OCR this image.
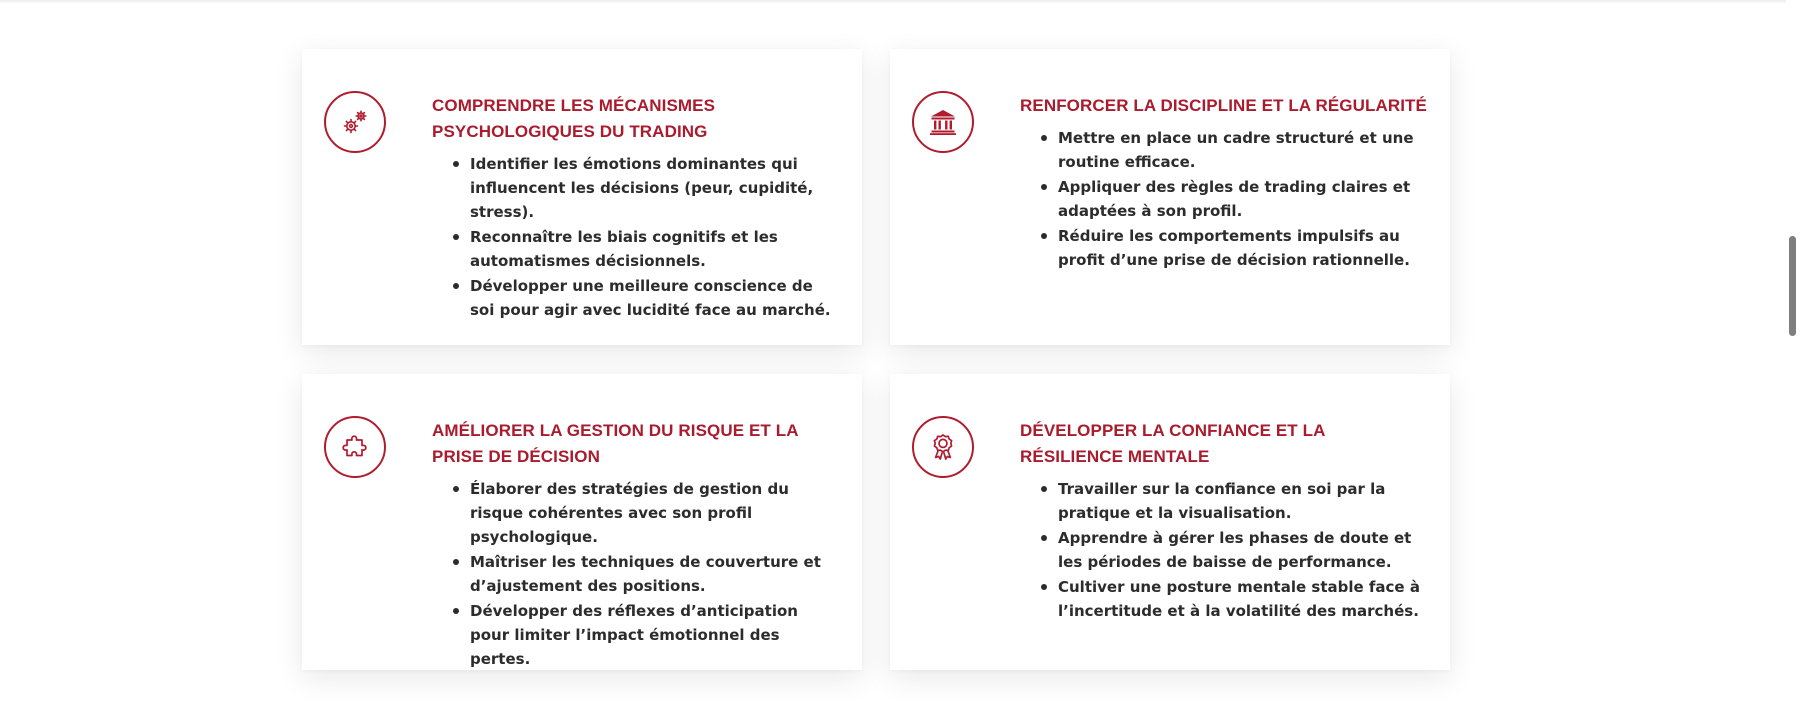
COMPRENDRE LES MÉCANISMES PSYCHOLOGIQUES DU TRADING
Identifier les émotions dominantes qui influencent les décisions (peur, cupidité, stress).
Reconnaître les biais cognitifs et les automatismes décisionnels.
Développer une meilleure conscience de soi pour agir avec lucidité face au marché.
RENFORCER LA DISCIPLINE ET LA RÉGULARITÉ
Mettre en place un cadre structuré et une routine efficace.
Appliquer des règles de trading claires et adaptées à son profil.
Réduire les comportements impulsifs au profit d’une prise de décision rationnelle.
AMÉLIORER LA GESTION DU RISQUE ET LA PRISE DE DÉCISION
Élaborer des stratégies de gestion du risque cohérentes avec son profil psychologique.
Maîtriser les techniques de couverture et d’ajustement des positions.
Développer des réflexes d’anticipation pour limiter l’impact émotionnel des pertes.
DÉVELOPPER LA CONFIANCE ET LA RÉSILIENCE MENTALE
Travailler sur la confiance en soi par la pratique et la visualisation.
Apprendre à gérer les phases de doute et les périodes de baisse de performance.
Cultiver une posture mentale stable face à l’incertitude et à la volatilité des marchés.
